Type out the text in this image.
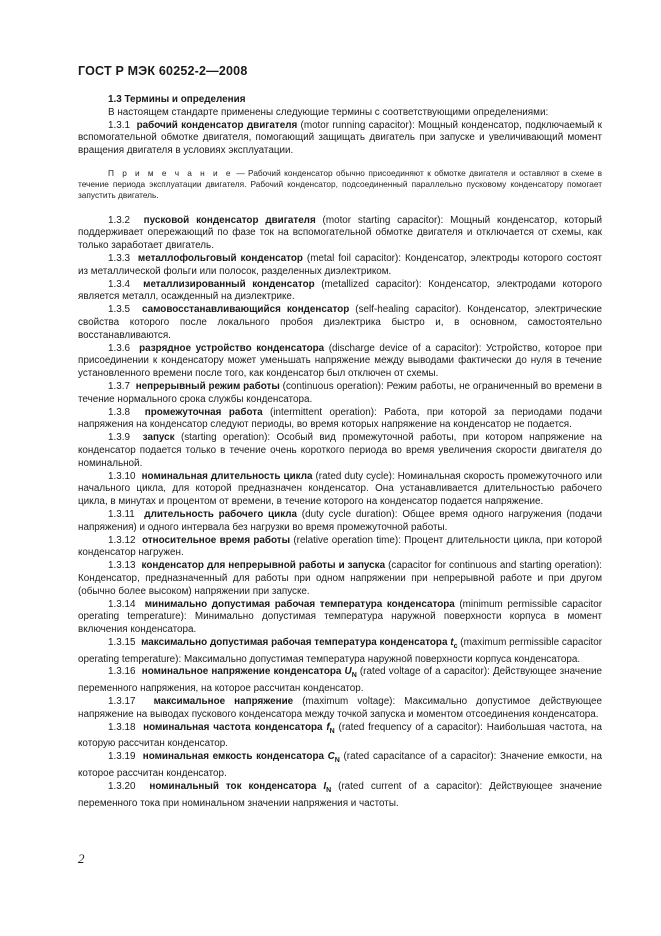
ГОСТ Р МЭК 60252-2—2008

1.3 Термины и определения

В настоящем стандарте применены следующие термины с соответствующими определениями:

1.3.1 рабочий конденсатор двигателя (motor running capacitor): Мощный конденсатор, подключаемый к вспомогательной обмотке двигателя, помогающий защищать двигатель при запуске и увеличивающий момент вращения двигателя в условиях эксплуатации.

П р и м е ч а н и е — Рабочий конденсатор обычно присоединяют к обмотке двигателя и оставляют в схеме в течение периода эксплуатации двигателя. Рабочий конденсатор, подсоединенный параллельно пусковому конденсатору помогает запустить двигатель.

1.3.2 пусковой конденсатор двигателя (motor starting capacitor): Мощный конденсатор, который поддерживает опережающий по фазе ток на вспомогательной обмотке двигателя и отключается от схемы, как только заработает двигатель.

1.3.3 металлофольговый конденсатор (metal foil capacitor): Конденсатор, электроды которого состоят из металлической фольги или полосок, разделенных диэлектриком.

1.3.4 металлизированный конденсатор (metallized capacitor): Конденсатор, электродами которого является металл, осажденный на диэлектрике.

1.3.5 самовосстанавливающийся конденсатор (self-healing capacitor). Конденсатор, электрические свойства которого после локального пробоя диэлектрика быстро и, в основном, самостоятельно восстанавливаются.

1.3.6 разрядное устройство конденсатора (discharge device of a capacitor): Устройство, которое при присоединении к конденсатору может уменьшать напряжение между выводами фактически до нуля в течение установленного времени после того, как конденсатор был отключен от схемы.

1.3.7 непрерывный режим работы (continuous operation): Режим работы, не ограниченный во времени в течение нормального срока службы конденсатора.

1.3.8 промежуточная работа (intermittent operation): Работа, при которой за периодами подачи напряжения на конденсатор следуют периоды, во время которых напряжение на конденсатор не подается.

1.3.9 запуск (starting operation): Особый вид промежуточной работы, при котором напряжение на конденсатор подается только в течение очень короткого периода во время увеличения скорости двигателя до номинальной.

1.3.10 номинальная длительность цикла (rated duty cycle): Номинальная скорость промежуточного или начального цикла, для которой предназначен конденсатор. Она устанавливается длительностью рабочего цикла, в минутах и процентом от времени, в течение которого на конденсатор подается напряжение.

1.3.11 длительность рабочего цикла (duty cycle duration): Общее время одного нагружения (подачи напряжения) и одного интервала без нагрузки во время промежуточной работы.

1.3.12 относительное время работы (relative operation time): Процент длительности цикла, при которой конденсатор нагружен.

1.3.13 конденсатор для непрерывной работы и запуска (capacitor for continuous and starting operation): Конденсатор, предназначенный для работы при одном напряжении при непрерывной работе и при другом (обычно более высоком) напряжении при запуске.

1.3.14 минимально допустимая рабочая температура конденсатора (minimum permissible capacitor operating temperature): Минимально допустимая температура наружной поверхности корпуса в момент включения конденсатора.

1.3.15 максимально допустимая рабочая температура конденсатора $t_c$ (maximum permissible capacitor operating temperature): Максимально допустимая температура наружной поверхности корпуса конденсатора.

1.3.16 номинальное напряжение конденсатора $U_N$ (rated voltage of a capacitor): Действующее значение переменного напряжения, на которое рассчитан конденсатор.

1.3.17 максимальное напряжение (maximum voltage): Максимально допустимое действующее напряжение на выводах пускового конденсатора между точкой запуска и моментом отсоединения конденсатора.

1.3.18 номинальная частота конденсатора $f_N$ (rated frequency of a capacitor): Наибольшая частота, на которую рассчитан конденсатор.

1.3.19 номинальная емкость конденсатора $C_N$ (rated capacitance of a capacitor): Значение емкости, на которое рассчитан конденсатор.

1.3.20 номинальный ток конденсатора $I_N$ (rated current of a capacitor): Действующее значение переменного тока при номинальном значении напряжения и частоты.

2
